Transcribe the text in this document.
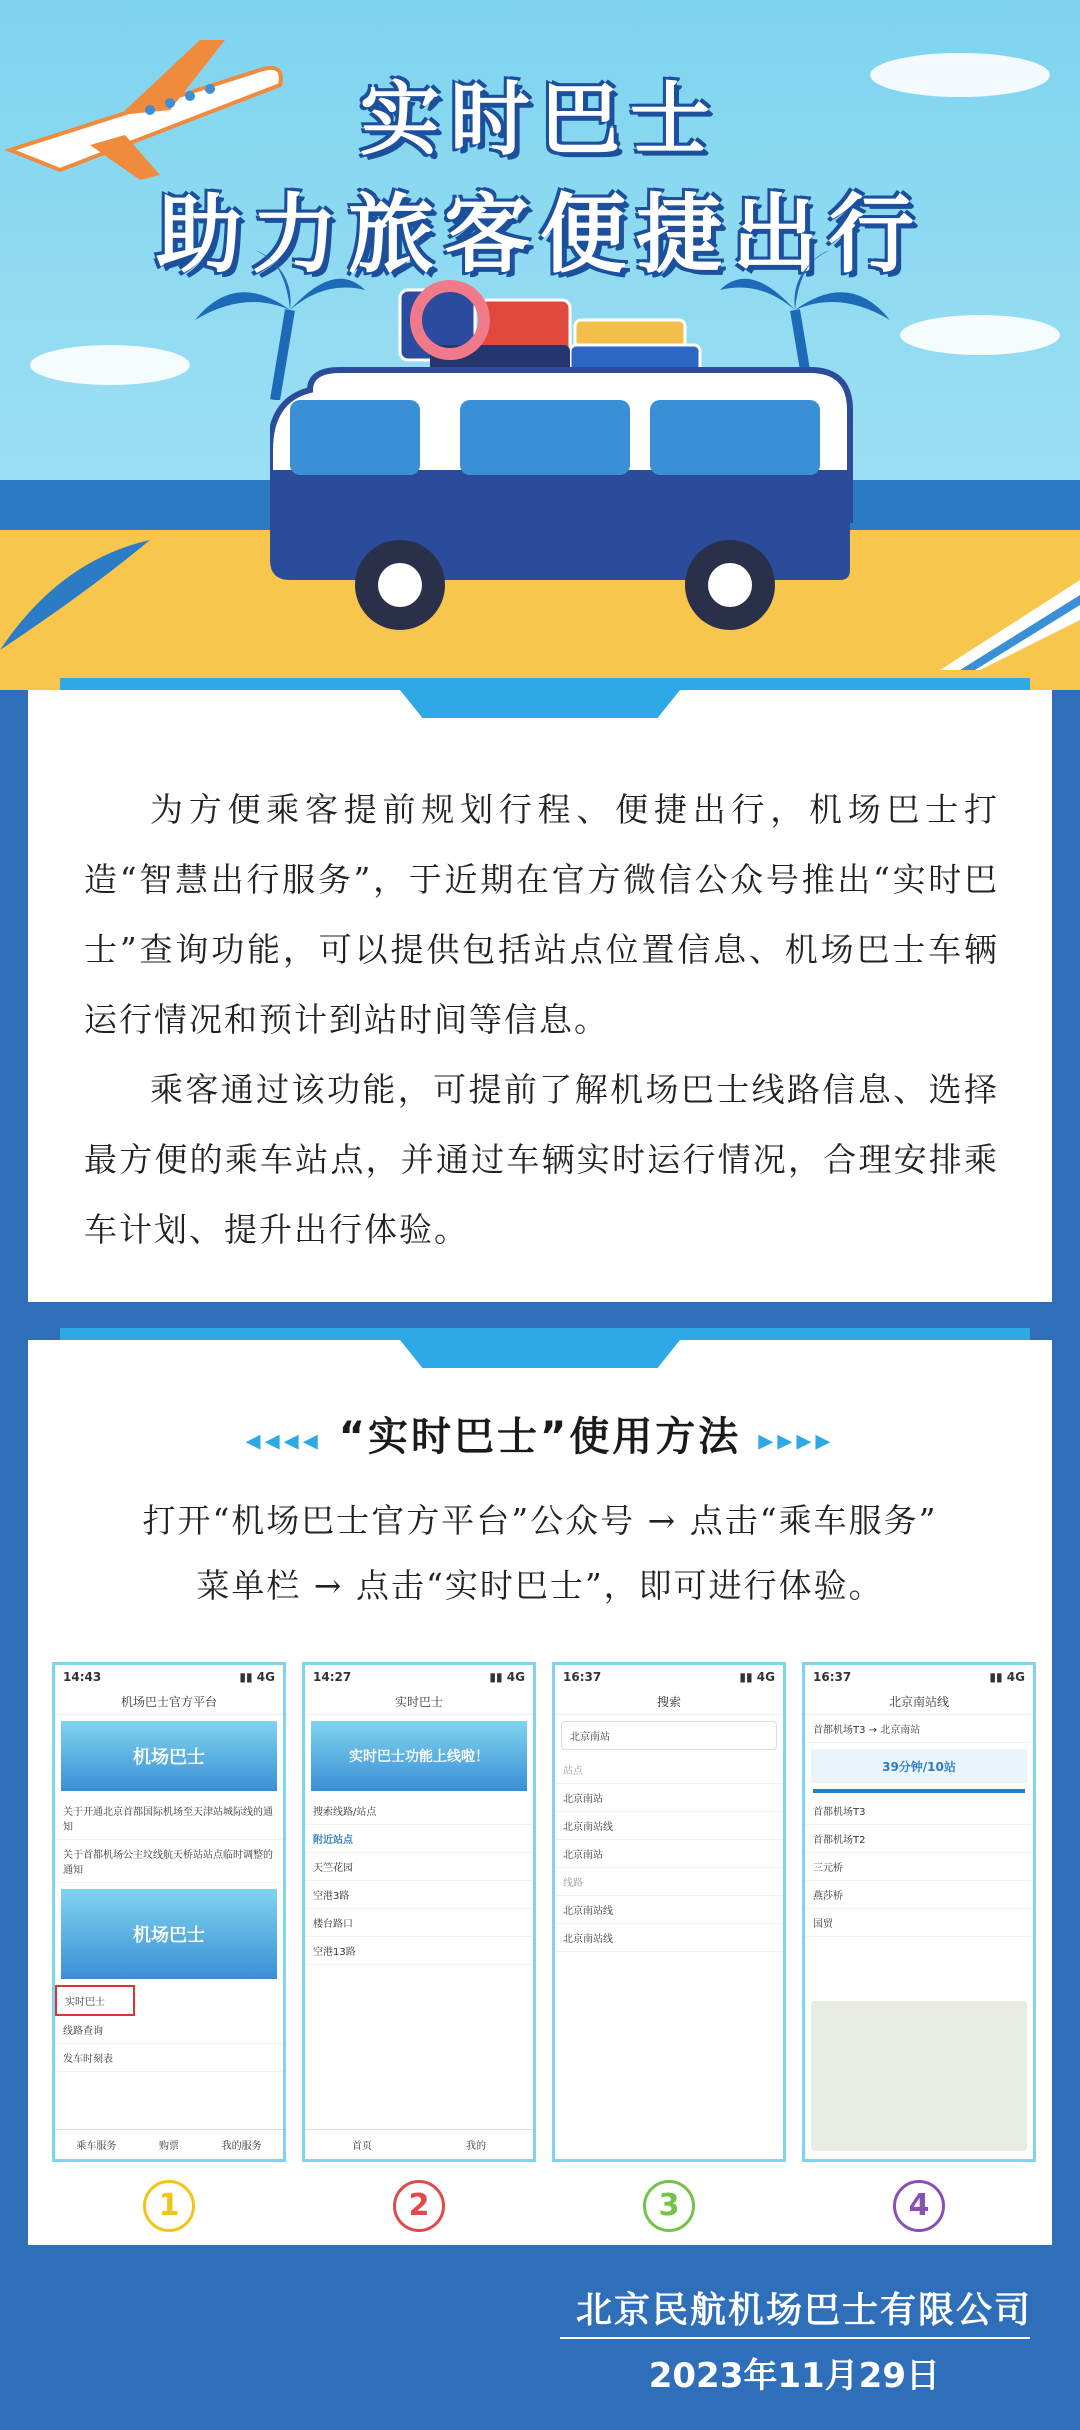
实时巴士
助力旅客便捷出行

为方便乘客提前规划行程、便捷出行，机场巴士打造“智慧出行服务”，于近期在官方微信公众号推出“实时巴士”查询功能，可以提供包括站点位置信息、机场巴士车辆运行情况和预计到站时间等信息。

乘客通过该功能，可提前了解机场巴士线路信息、选择最方便的乘车站点，并通过车辆实时运行情况，合理安排乘车计划、提升出行体验。

◂◂◂◂ “实时巴士”使用方法 ▸▸▸▸
打开“机场巴士官方平台”公众号 → 点击“乘车服务”
菜单栏 → 点击“实时巴士”，即可进行体验。
14:43	▮▮ 4G
机场巴士官方平台
机场巴士
关于开通北京首都国际机场至天津站城际线的通知
关于首都机场公主坟线航天桥站站点临时调整的通知
机场巴士
实时巴士
线路查询
发车时刻表
乘车服务	购票	我的服务
14:27	▮▮ 4G
实时巴士
实时巴士功能上线啦！
搜索线路/站点
附近站点
天竺花园
空港3路
楼台路口
空港13路
首页	我的
16:37	▮▮ 4G
搜索
北京南站
站点
北京南站
北京南站线
北京南站
线路
北京南站线
北京南站线
16:37	▮▮ 4G
北京南站线
首都机场T3 → 北京南站
39分钟/10站
首都机场T3
首都机场T2
三元桥
燕莎桥
国贸
1	2	3	4
北京民航机场巴士有限公司
2023年11月29日
